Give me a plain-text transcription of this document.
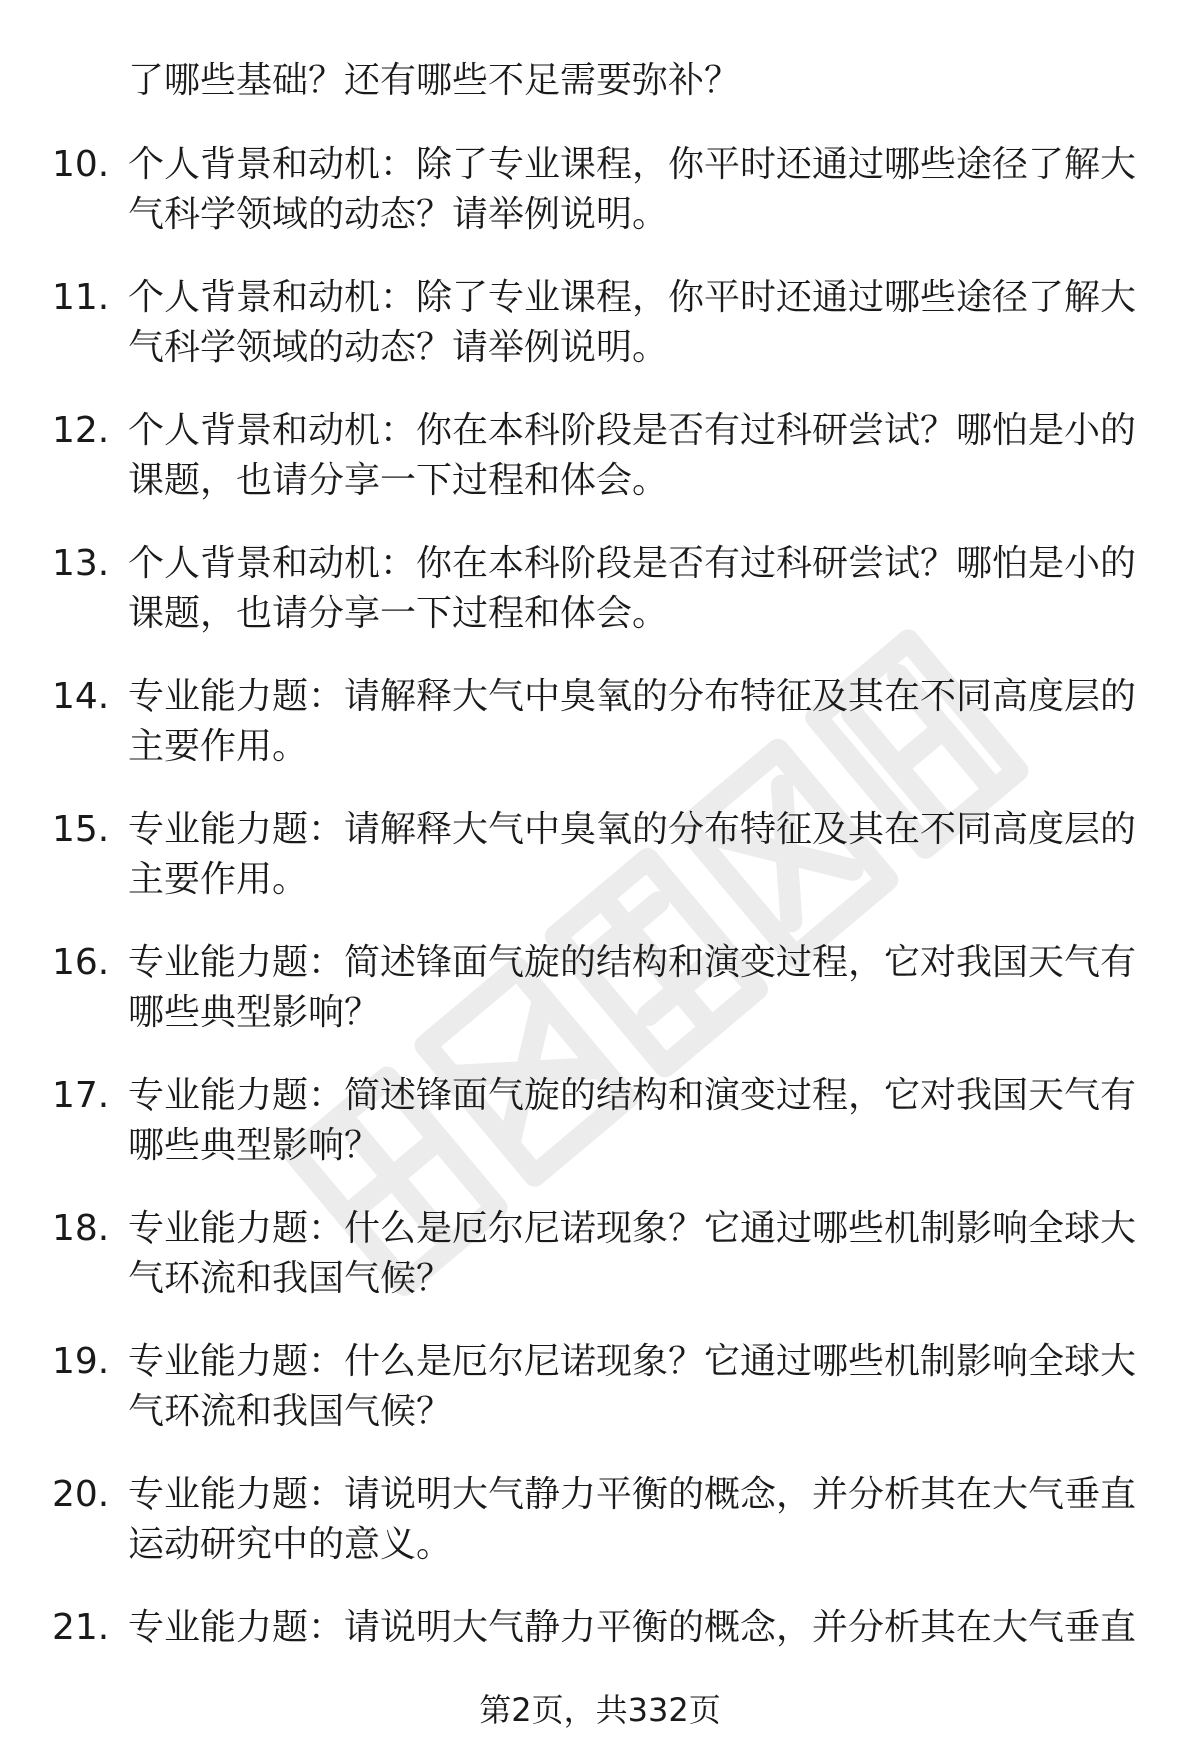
了哪些基础？还有哪些不足需要弥补？
10. 个人背景和动机：除了专业课程，你平时还通过哪些途径了解大气科学领域的动态？请举例说明。
11. 个人背景和动机：除了专业课程，你平时还通过哪些途径了解大气科学领域的动态？请举例说明。
12. 个人背景和动机：你在本科阶段是否有过科研尝试？哪怕是小的课题，也请分享一下过程和体会。
13. 个人背景和动机：你在本科阶段是否有过科研尝试？哪怕是小的课题，也请分享一下过程和体会。
14. 专业能力题：请解释大气中臭氧的分布特征及其在不同高度层的主要作用。
15. 专业能力题：请解释大气中臭氧的分布特征及其在不同高度层的主要作用。
16. 专业能力题：简述锋面气旋的结构和演变过程，它对我国天气有哪些典型影响？
17. 专业能力题：简述锋面气旋的结构和演变过程，它对我国天气有哪些典型影响？
18. 专业能力题：什么是厄尔尼诺现象？它通过哪些机制影响全球大气环流和我国气候？
19. 专业能力题：什么是厄尔尼诺现象？它通过哪些机制影响全球大气环流和我国气候？
20. 专业能力题：请说明大气静力平衡的概念，并分析其在大气垂直运动研究中的意义。
21. 专业能力题：请说明大气静力平衡的概念，并分析其在大气垂直
第2页，共332页
